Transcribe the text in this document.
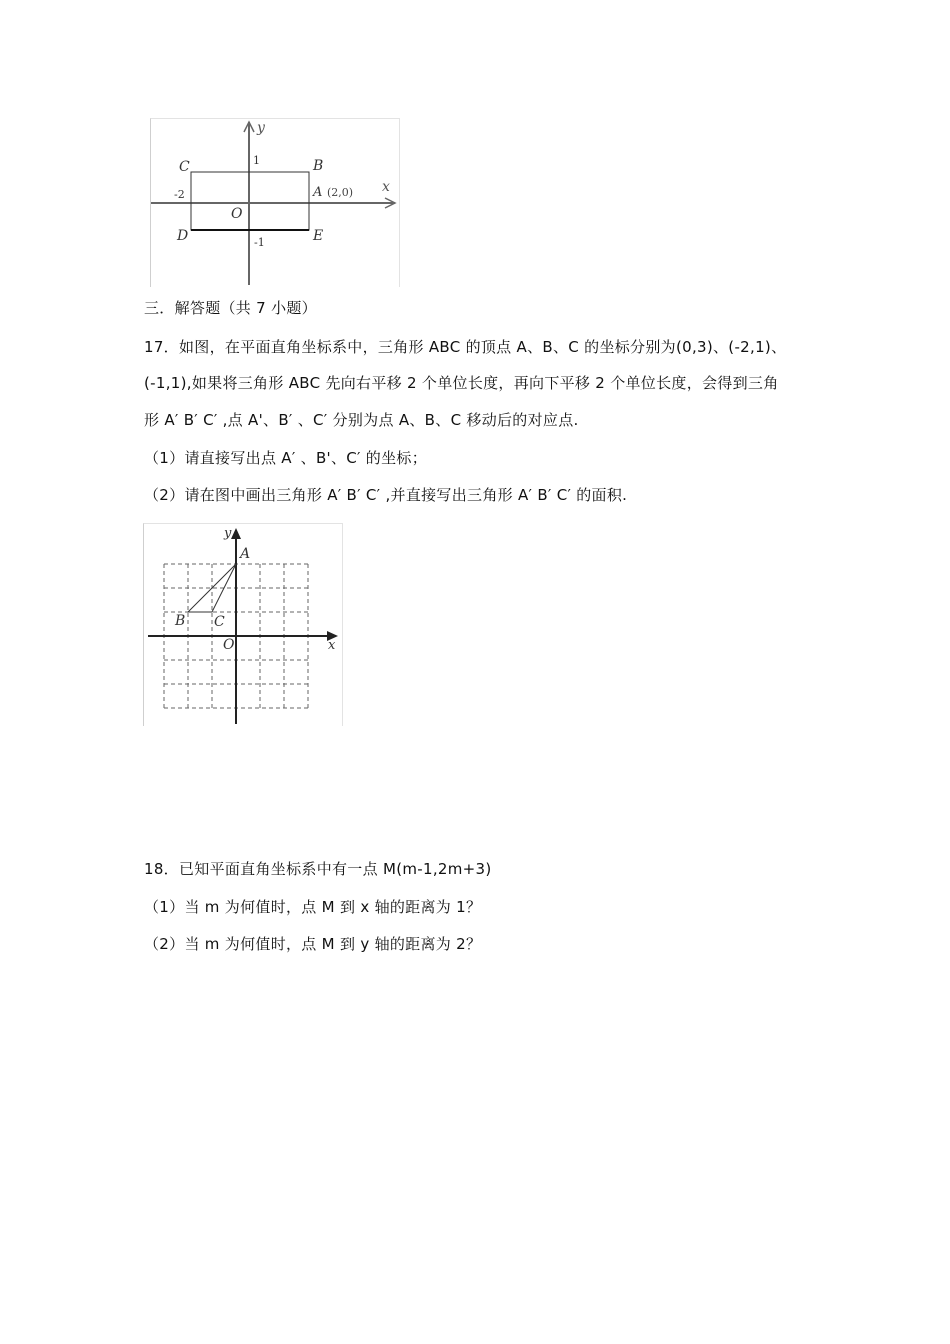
y
x
C	B
A (2,0)
D	E
O
1
-2
-1
三．解答题（共 7 小题）
17．如图，在平面直角坐标系中，三角形 ABC 的顶点 A、B、C 的坐标分别为(0,3)、(-2,1)、
(-1,1),如果将三角形 ABC 先向右平移 2 个单位长度，再向下平移 2 个单位长度，会得到三角
形 A′ B′ C′ ,点 A'、B′ 、C′ 分别为点 A、B、C 移动后的对应点.
（1）请直接写出点 A′ 、B'、C′ 的坐标；
（2）请在图中画出三角形 A′ B′ C′ ,并直接写出三角形 A′ B′ C′ 的面积.
y
x
A
B C
O
18．已知平面直角坐标系中有一点 M(m-1,2m+3)
（1）当 m 为何值时，点 M 到 x 轴的距离为 1？
（2）当 m 为何值时，点 M 到 y 轴的距离为 2？
